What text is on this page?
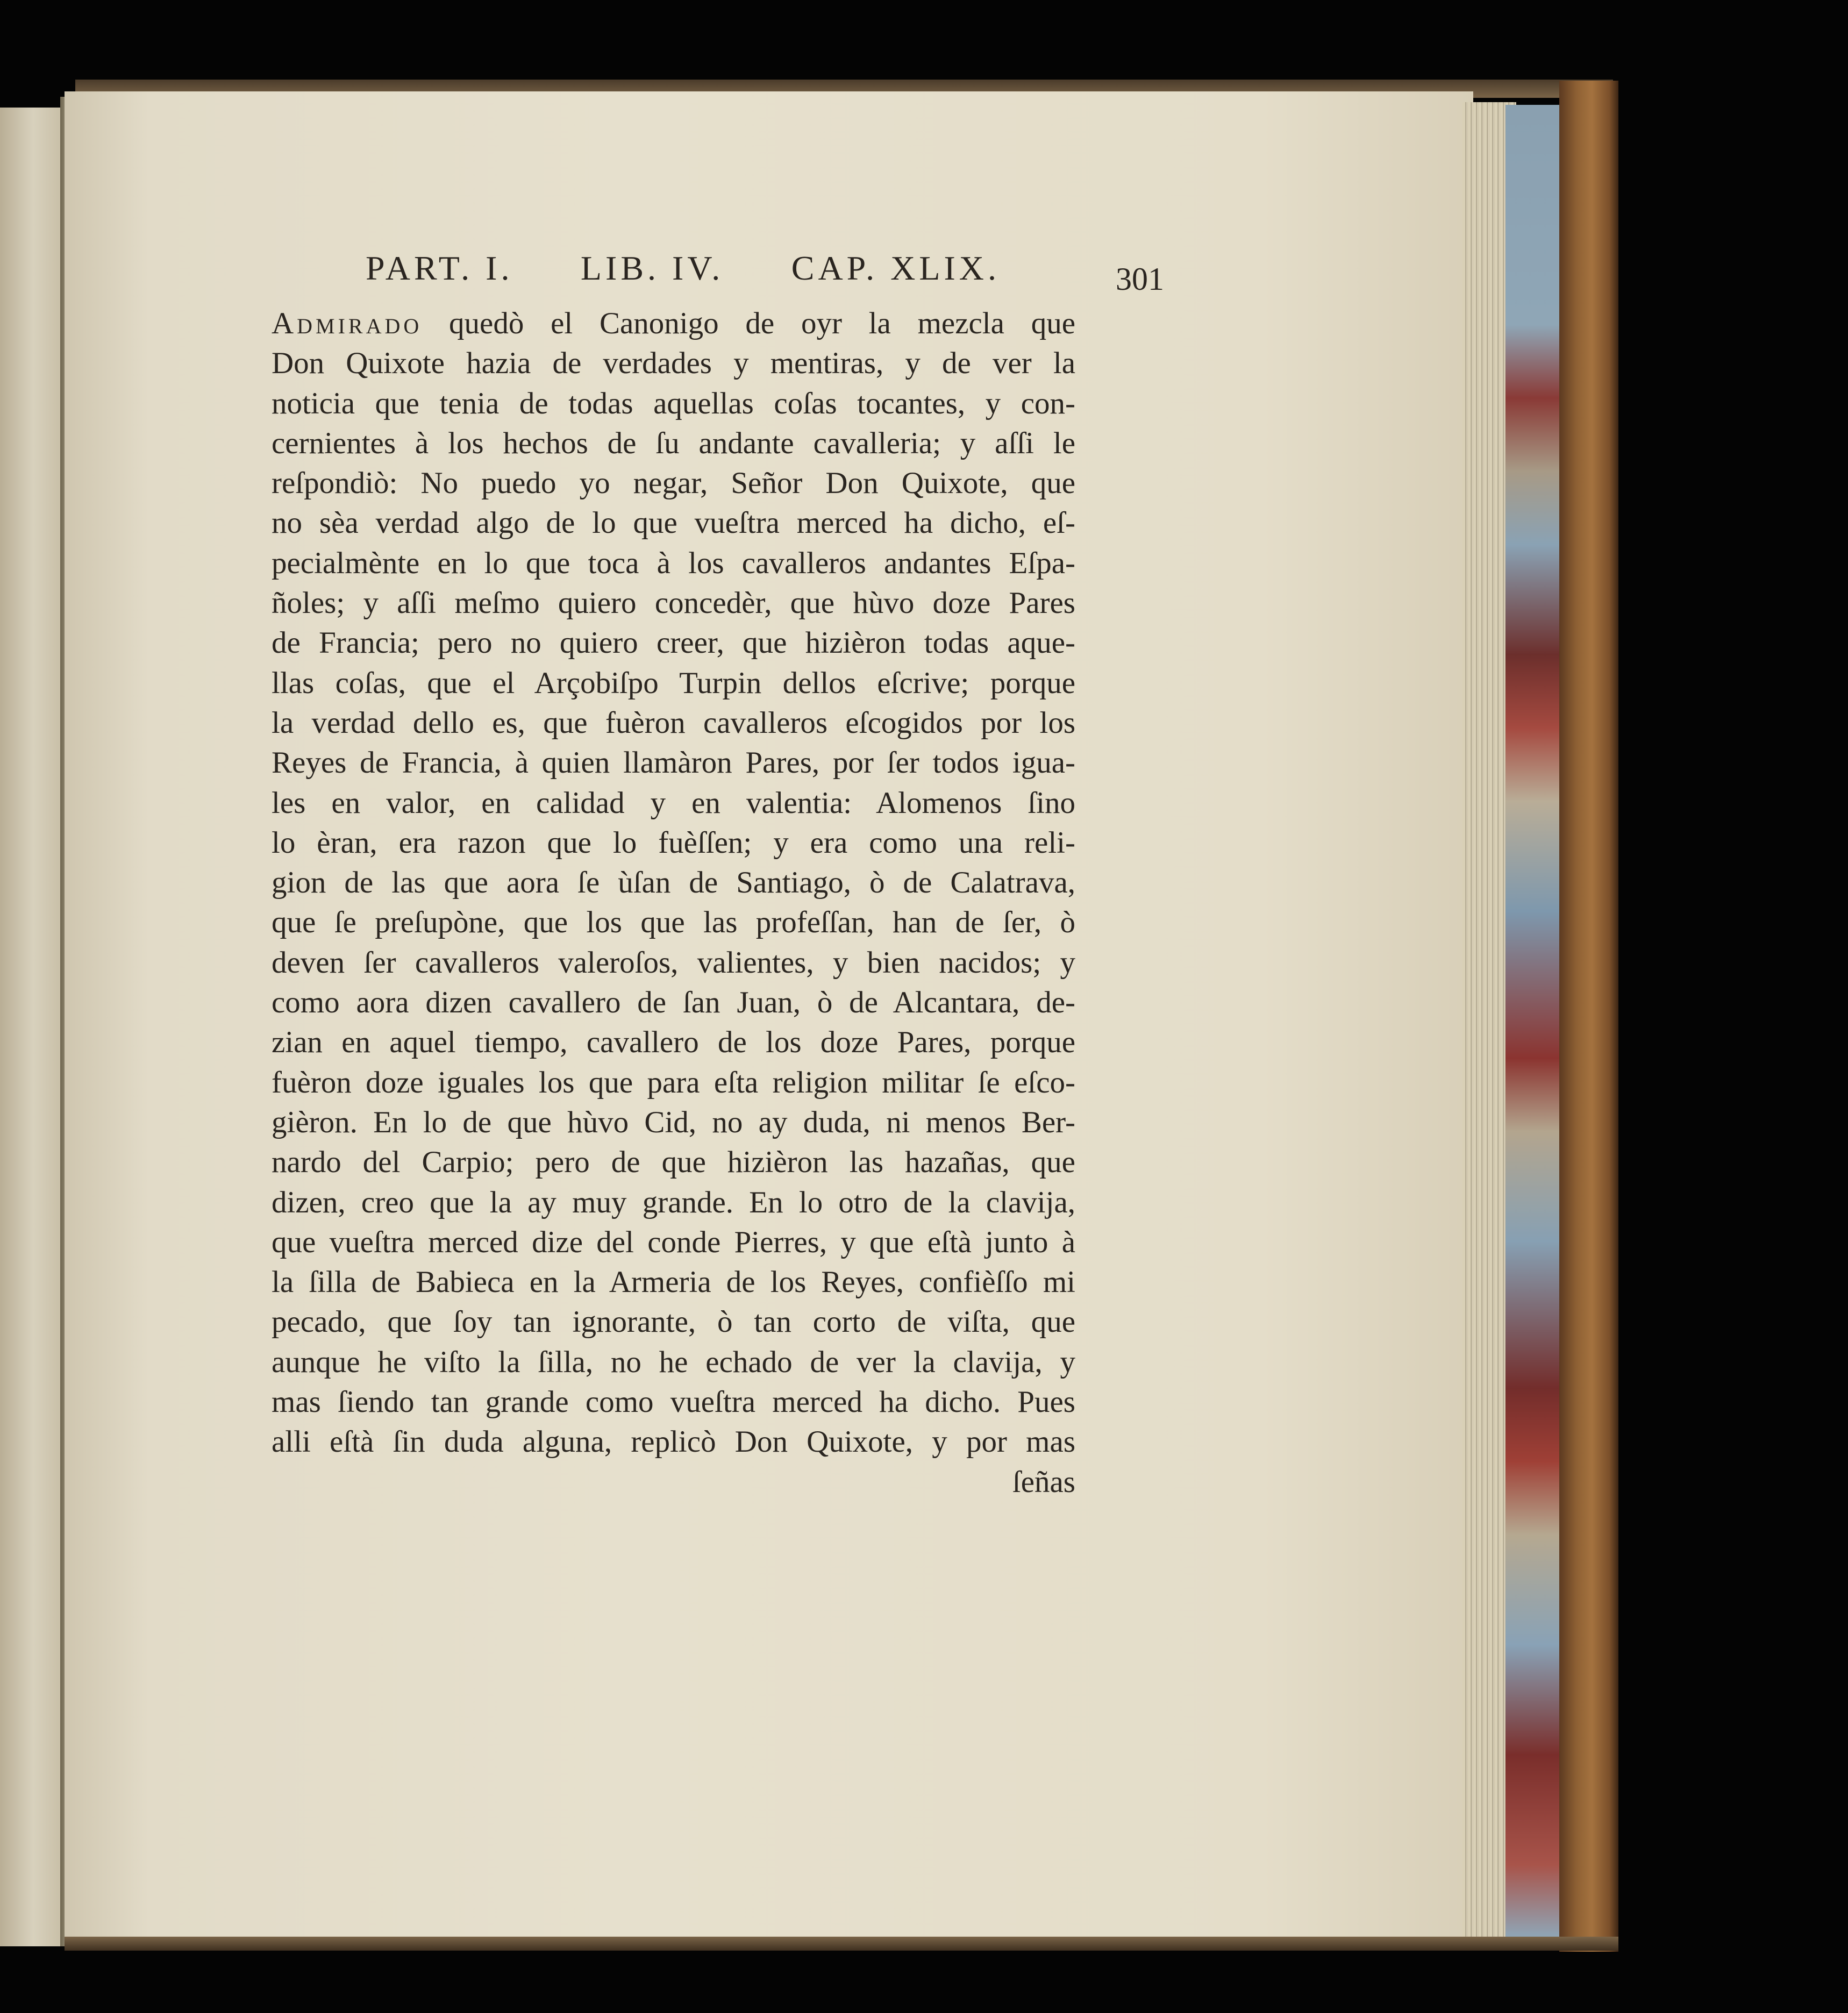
PART. I. LIB. IV. CAP. XLIX.	301
Admirado quedò el Canonigo de oyr la mezcla que
Don Quixote hazia de verdades y mentiras, y de ver la
noticia que tenia de todas aquellas coſas tocantes, y con-
cernientes à los hechos de ſu andante cavalleria; y aſſi le
reſpondiò: No puedo yo negar, Señor Don Quixote, que
no sèa verdad algo de lo que vueſtra merced ha dicho, eſ-
pecialmènte en lo que toca à los cavalleros andantes Eſpa-
ñoles; y aſſi meſmo quiero concedèr, que hùvo doze Pares
de Francia; pero no quiero creer, que hizièron todas aque-
llas coſas, que el Arçobiſpo Turpin dellos eſcrive; porque
la verdad dello es, que fuèron cavalleros eſcogidos por los
Reyes de Francia, à quien llamàron Pares, por ſer todos igua-
les en valor, en calidad y en valentia: Alomenos ſino
lo èran, era razon que lo fuèſſen; y era como una reli-
gion de las que aora ſe ùſan de Santiago, ò de Calatrava,
que ſe preſupòne, que los que las profeſſan, han de ſer, ò
deven ſer cavalleros valeroſos, valientes, y bien nacidos; y
como aora dizen cavallero de ſan Juan, ò de Alcantara, de-
zian en aquel tiempo, cavallero de los doze Pares, porque
fuèron doze iguales los que para eſta religion militar ſe eſco-
gièron. En lo de que hùvo Cid, no ay duda, ni menos Ber-
nardo del Carpio; pero de que hizièron las hazañas, que
dizen, creo que la ay muy grande. En lo otro de la clavija,
que vueſtra merced dize del conde Pierres, y que eſtà junto à
la ſilla de Babieca en la Armeria de los Reyes, confièſſo mi
pecado, que ſoy tan ignorante, ò tan corto de viſta, que
aunque he viſto la ſilla, no he echado de ver la clavija, y
mas ſiendo tan grande como vueſtra merced ha dicho. Pues
alli eſtà ſin duda alguna, replicò Don Quixote, y por mas
ſeñas
